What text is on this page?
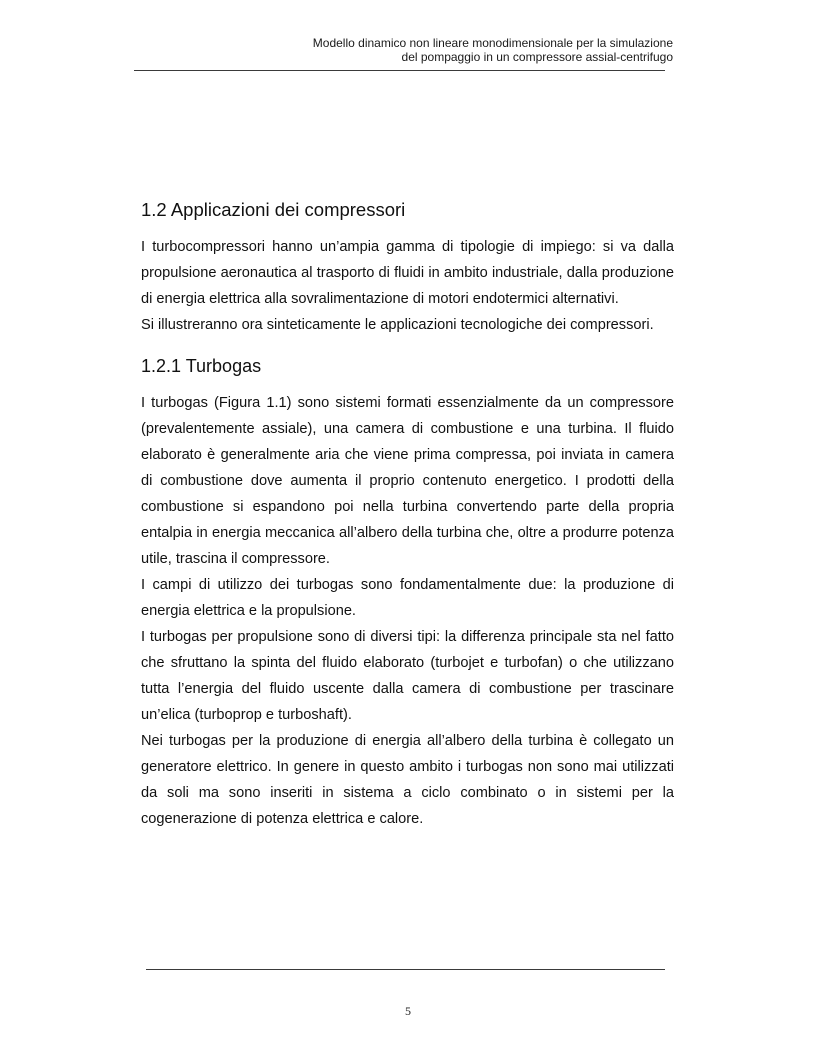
Modello dinamico non lineare monodimensionale per la simulazione
del pompaggio in un compressore assial-centrifugo
1.2 Applicazioni dei compressori

I turbocompressori hanno un’ampia gamma di tipologie di impiego: si va dalla propulsione aeronautica al trasporto di fluidi in ambito industriale, dalla produzione di energia elettrica alla sovralimentazione di motori endotermici alternativi.

Si illustreranno ora sinteticamente le applicazioni tecnologiche dei compressori.

1.2.1 Turbogas

I turbogas (Figura 1.1) sono sistemi formati essenzialmente da un compressore (prevalentemente assiale), una camera di combustione e una turbina. Il fluido elaborato è generalmente aria che viene prima compressa, poi inviata in camera di combustione dove aumenta il proprio contenuto energetico. I prodotti della combustione si espandono poi nella turbina convertendo parte della propria entalpia in energia meccanica all’albero della turbina che, oltre a produrre potenza utile, trascina il compressore.

I campi di utilizzo dei turbogas sono fondamentalmente due: la produzione di energia elettrica e la propulsione.

I turbogas per propulsione sono di diversi tipi: la differenza principale sta nel fatto che sfruttano la spinta del fluido elaborato (turbojet e turbofan) o che utilizzano tutta l’energia del fluido uscente dalla camera di combustione per trascinare un’elica (turboprop e turboshaft).

Nei turbogas per la produzione di energia all’albero della turbina è collegato un generatore elettrico. In genere in questo ambito i turbogas non sono mai utilizzati da soli ma sono inseriti in sistema a ciclo combinato o in sistemi per la cogenerazione di potenza elettrica e calore.

5
